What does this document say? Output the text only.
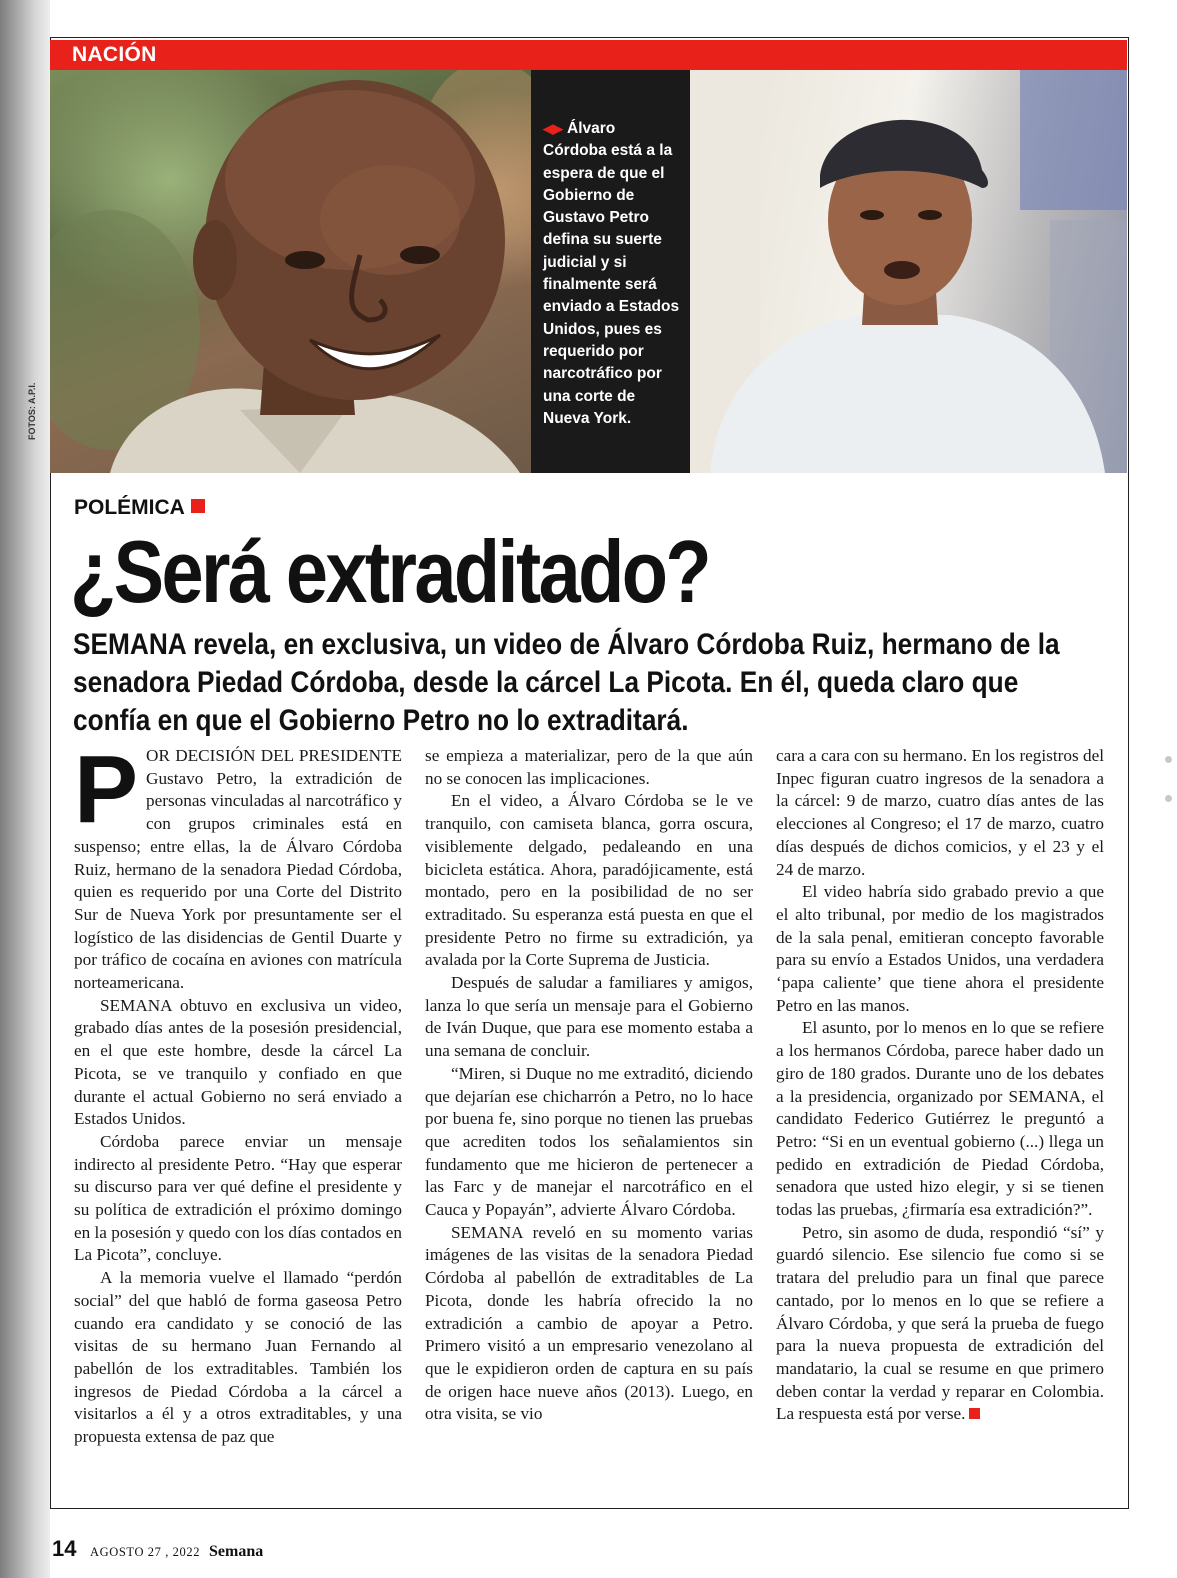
NACIÓN
◀▶ Álvaro Córdoba está a la espera de que el Gobierno de Gustavo Petro defina su suerte judicial y si finalmente será enviado a Estados Unidos, pues es requerido por narcotráfico por una corte de Nueva York.
FOTOS: A.P.I.
POLÉMICA
¿Será extraditado?
SEMANA revela, en exclusiva, un video de Álvaro Córdoba Ruiz, hermano de la senadora Piedad Córdoba, desde la cárcel La Picota. En él, queda claro que confía en que el Gobierno Petro no lo extraditará.

POR DECISIÓN DEL PRESIDENTE Gustavo Petro, la extradición de personas vinculadas al narcotráfico y con grupos criminales está en suspenso; entre ellas, la de Álvaro Córdoba Ruiz, hermano de la senadora Piedad Córdoba, quien es requerido por una Corte del Distrito Sur de Nueva York por presuntamente ser el logístico de las disidencias de Gentil Duarte y por tráfico de cocaína en aviones con matrícula norteamericana.

SEMANA obtuvo en exclusiva un video, grabado días antes de la posesión presidencial, en el que este hombre, desde la cárcel La Picota, se ve tranquilo y confiado en que durante el actual Gobierno no será enviado a Estados Unidos.

Córdoba parece enviar un mensaje indirecto al presidente Petro. “Hay que esperar su discurso para ver qué define el presidente y su política de extradición el próximo domingo en la posesión y quedo con los días contados en La Picota”, concluye.

A la memoria vuelve el llamado “perdón social” del que habló de forma gaseosa Petro cuando era candidato y se conoció de las visitas de su hermano Juan Fernando al pabellón de los extraditables. También los ingresos de Piedad Córdoba a la cárcel a visitarlos a él y a otros extraditables, y una propuesta extensa de paz que

se empieza a materializar, pero de la que aún no se conocen las implicaciones.

En el video, a Álvaro Córdoba se le ve tranquilo, con camiseta blanca, gorra oscura, visiblemente delgado, pedaleando en una bicicleta estática. Ahora, paradójicamente, está montado, pero en la posibilidad de no ser extraditado. Su esperanza está puesta en que el presidente Petro no firme su extradición, ya avalada por la Corte Suprema de Justicia.

Después de saludar a familiares y amigos, lanza lo que sería un mensaje para el Gobierno de Iván Duque, que para ese momento estaba a una semana de concluir.

“Miren, si Duque no me extraditó, diciendo que dejarían ese chicharrón a Petro, no lo hace por buena fe, sino porque no tienen las pruebas que acrediten todos los señalamientos sin fundamento que me hicieron de pertenecer a las Farc y de manejar el narcotráfico en el Cauca y Popayán”, advierte Álvaro Córdoba.

SEMANA reveló en su momento varias imágenes de las visitas de la senadora Piedad Córdoba al pabellón de extraditables de La Picota, donde les habría ofrecido la no extradición a cambio de apoyar a Petro. Primero visitó a un empresario venezolano al que le expidieron orden de captura en su país de origen hace nueve años (2013). Luego, en otra visita, se vio

cara a cara con su hermano. En los registros del Inpec figuran cuatro ingresos de la senadora a la cárcel: 9 de marzo, cuatro días antes de las elecciones al Congreso; el 17 de marzo, cuatro días después de dichos comicios, y el 23 y el 24 de marzo.

El video habría sido grabado previo a que el alto tribunal, por medio de los magistrados de la sala penal, emitieran concepto favorable para su envío a Estados Unidos, una verdadera ‘papa caliente’ que tiene ahora el presidente Petro en las manos.

El asunto, por lo menos en lo que se refiere a los hermanos Córdoba, parece haber dado un giro de 180 grados. Durante uno de los debates a la presidencia, organizado por SEMANA, el candidato Federico Gutiérrez le preguntó a Petro: “Si en un eventual gobierno (...) llega un pedido en extradición de Piedad Córdoba, senadora que usted hizo elegir, y si se tienen todas las pruebas, ¿firmaría esa extradición?”.

Petro, sin asomo de duda, respondió “sí” y guardó silencio. Ese silencio fue como si se tratara del preludio para un final que parece cantado, por lo menos en lo que se refiere a Álvaro Córdoba, y que será la prueba de fuego para la nueva propuesta de extradición del mandatario, la cual se resume en que primero deben contar la verdad y reparar en Colombia. La respuesta está por verse.

14 AGOSTO 27 , 2022 Semana
